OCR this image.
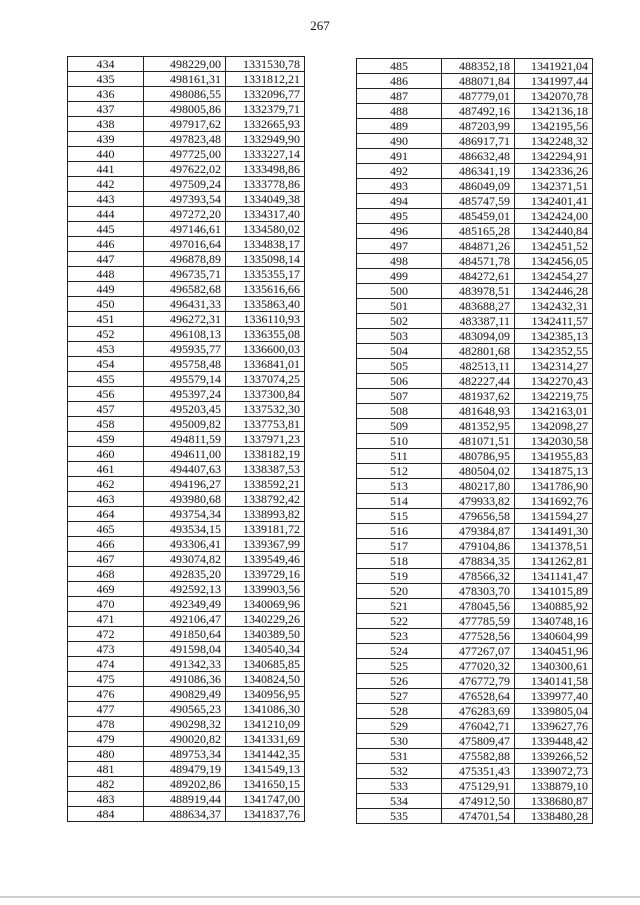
267
434	498229,00	1331530,78
435	498161,31	1331812,21
436	498086,55	1332096,77
437	498005,86	1332379,71
438	497917,62	1332665,93
439	497823,48	1332949,90
440	497725,00	1333227,14
441	497622,02	1333498,86
442	497509,24	1333778,86
443	497393,54	1334049,38
444	497272,20	1334317,40
445	497146,61	1334580,02
446	497016,64	1334838,17
447	496878,89	1335098,14
448	496735,71	1335355,17
449	496582,68	1335616,66
450	496431,33	1335863,40
451	496272,31	1336110,93
452	496108,13	1336355,08
453	495935,77	1336600,03
454	495758,48	1336841,01
455	495579,14	1337074,25
456	495397,24	1337300,84
457	495203,45	1337532,30
458	495009,82	1337753,81
459	494811,59	1337971,23
460	494611,00	1338182,19
461	494407,63	1338387,53
462	494196,27	1338592,21
463	493980,68	1338792,42
464	493754,34	1338993,82
465	493534,15	1339181,72
466	493306,41	1339367,99
467	493074,82	1339549,46
468	492835,20	1339729,16
469	492592,13	1339903,56
470	492349,49	1340069,96
471	492106,47	1340229,26
472	491850,64	1340389,50
473	491598,04	1340540,34
474	491342,33	1340685,85
475	491086,36	1340824,50
476	490829,49	1340956,95
477	490565,23	1341086,30
478	490298,32	1341210,09
479	490020,82	1341331,69
480	489753,34	1341442,35
481	489479,19	1341549,13
482	489202,86	1341650,15
483	488919,44	1341747,00
484	488634,37	1341837,76
485	488352,18	1341921,04
486	488071,84	1341997,44
487	487779,01	1342070,78
488	487492,16	1342136,18
489	487203,99	1342195,56
490	486917,71	1342248,32
491	486632,48	1342294,91
492	486341,19	1342336,26
493	486049,09	1342371,51
494	485747,59	1342401,41
495	485459,01	1342424,00
496	485165,28	1342440,84
497	484871,26	1342451,52
498	484571,78	1342456,05
499	484272,61	1342454,27
500	483978,51	1342446,28
501	483688,27	1342432,31
502	483387,11	1342411,57
503	483094,09	1342385,13
504	482801,68	1342352,55
505	482513,11	1342314,27
506	482227,44	1342270,43
507	481937,62	1342219,75
508	481648,93	1342163,01
509	481352,95	1342098,27
510	481071,51	1342030,58
511	480786,95	1341955,83
512	480504,02	1341875,13
513	480217,80	1341786,90
514	479933,82	1341692,76
515	479656,58	1341594,27
516	479384,87	1341491,30
517	479104,86	1341378,51
518	478834,35	1341262,81
519	478566,32	1341141,47
520	478303,70	1341015,89
521	478045,56	1340885,92
522	477785,59	1340748,16
523	477528,56	1340604,99
524	477267,07	1340451,96
525	477020,32	1340300,61
526	476772,79	1340141,58
527	476528,64	1339977,40
528	476283,69	1339805,04
529	476042,71	1339627,76
530	475809,47	1339448,42
531	475582,88	1339266,52
532	475351,43	1339072,73
533	475129,91	1338879,10
534	474912,50	1338680,87
535	474701,54	1338480,28
